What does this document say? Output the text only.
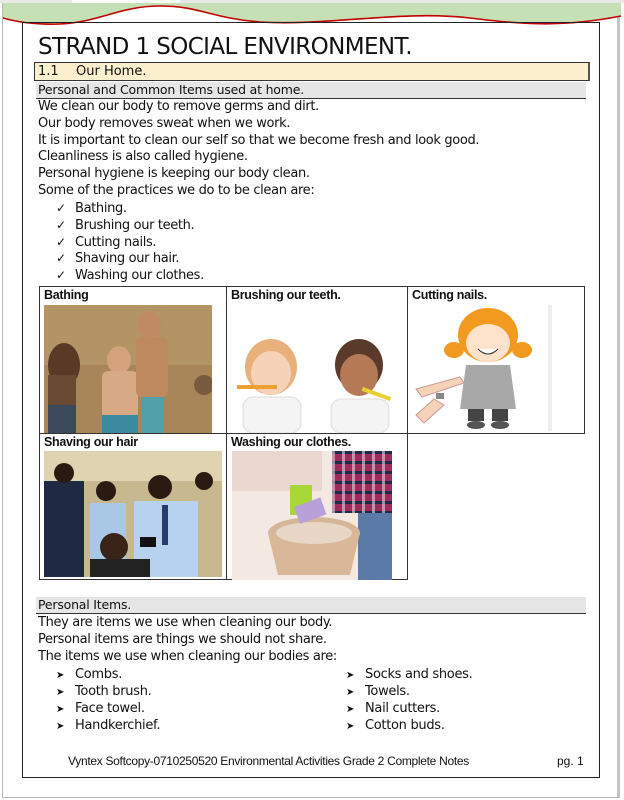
STRAND 1 SOCIAL ENVIRONMENT.
1.1 Our Home.
Personal and Common Items used at home.
We clean our body to remove germs and dirt.
Our body removes sweat when we work.
It is important to clean our self so that we become fresh and look good.
Cleanliness is also called hygiene.
Personal hygiene is keeping our body clean.
Some of the practices we do to be clean are:
✓ Bathing.
✓ Brushing our teeth.
✓ Cutting nails.
✓ Shaving our hair.
✓ Washing our clothes.
Bathing	Brushing our teeth.	Cutting nails.
Shaving our hair	Washing our clothes.
Personal Items.
They are items we use when cleaning our body.
Personal items are things we should not share.
The items we use when cleaning our bodies are:
➤ Combs.
➤ Tooth brush.
➤ Face towel.
➤ Handkerchief.
➤ Socks and shoes.
➤ Towels.
➤ Nail cutters.
➤ Cotton buds.
Vyntex Softcopy-0710250520 Environmental Activities Grade 2 Complete Notes	pg. 1
